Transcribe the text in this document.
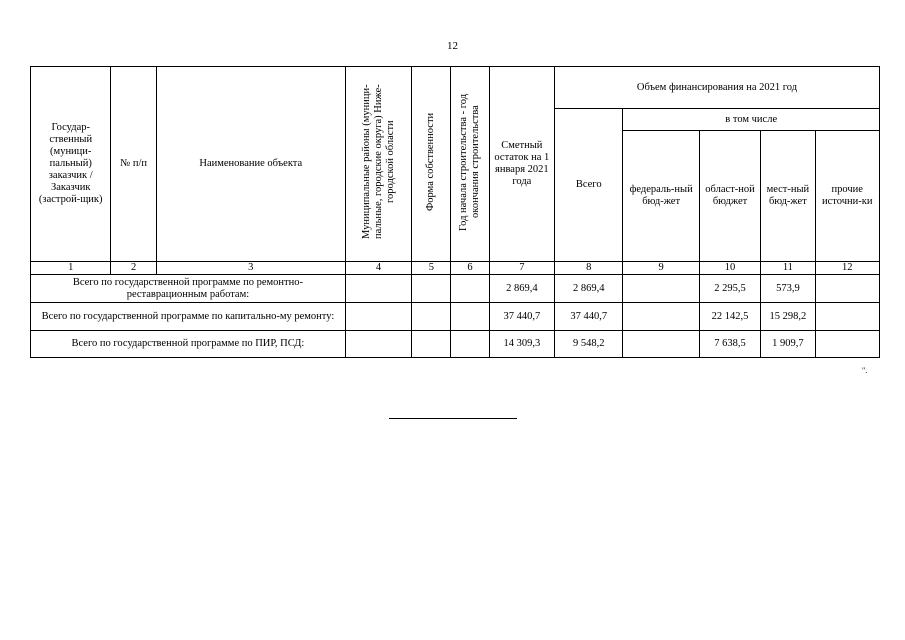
12
Государ-ственный (муници-пальный) заказчик / Заказчик (застрой-щик)	№ п/п	Наименование объекта	Муниципальные районы (муници-пальные, городские округа) Ниже-городской области	Форма собственности	Год начала строительства - год окончания строительства	Сметный остаток на 1 января 2021 года	Объем финансирования на 2021 год				
							Всего	в том числе			
								федераль-ный бюд-жет	област-ной бюджет	мест-ный бюд-жет	прочие источни-ки
1	2	3	4	5	6	7	8	9	10	11	12
Всего по государственной программе по ремонтно-реставрационным работам:						2 869,4	2 869,4		2 295,5	573,9	
Всего по государственной программе по капитально-му ремонту:						37 440,7	37 440,7		22 142,5	15 298,2	
Всего по государственной программе по ПИР, ПСД:						14 309,3	9 548,2		7 638,5	1 909,7	
".
